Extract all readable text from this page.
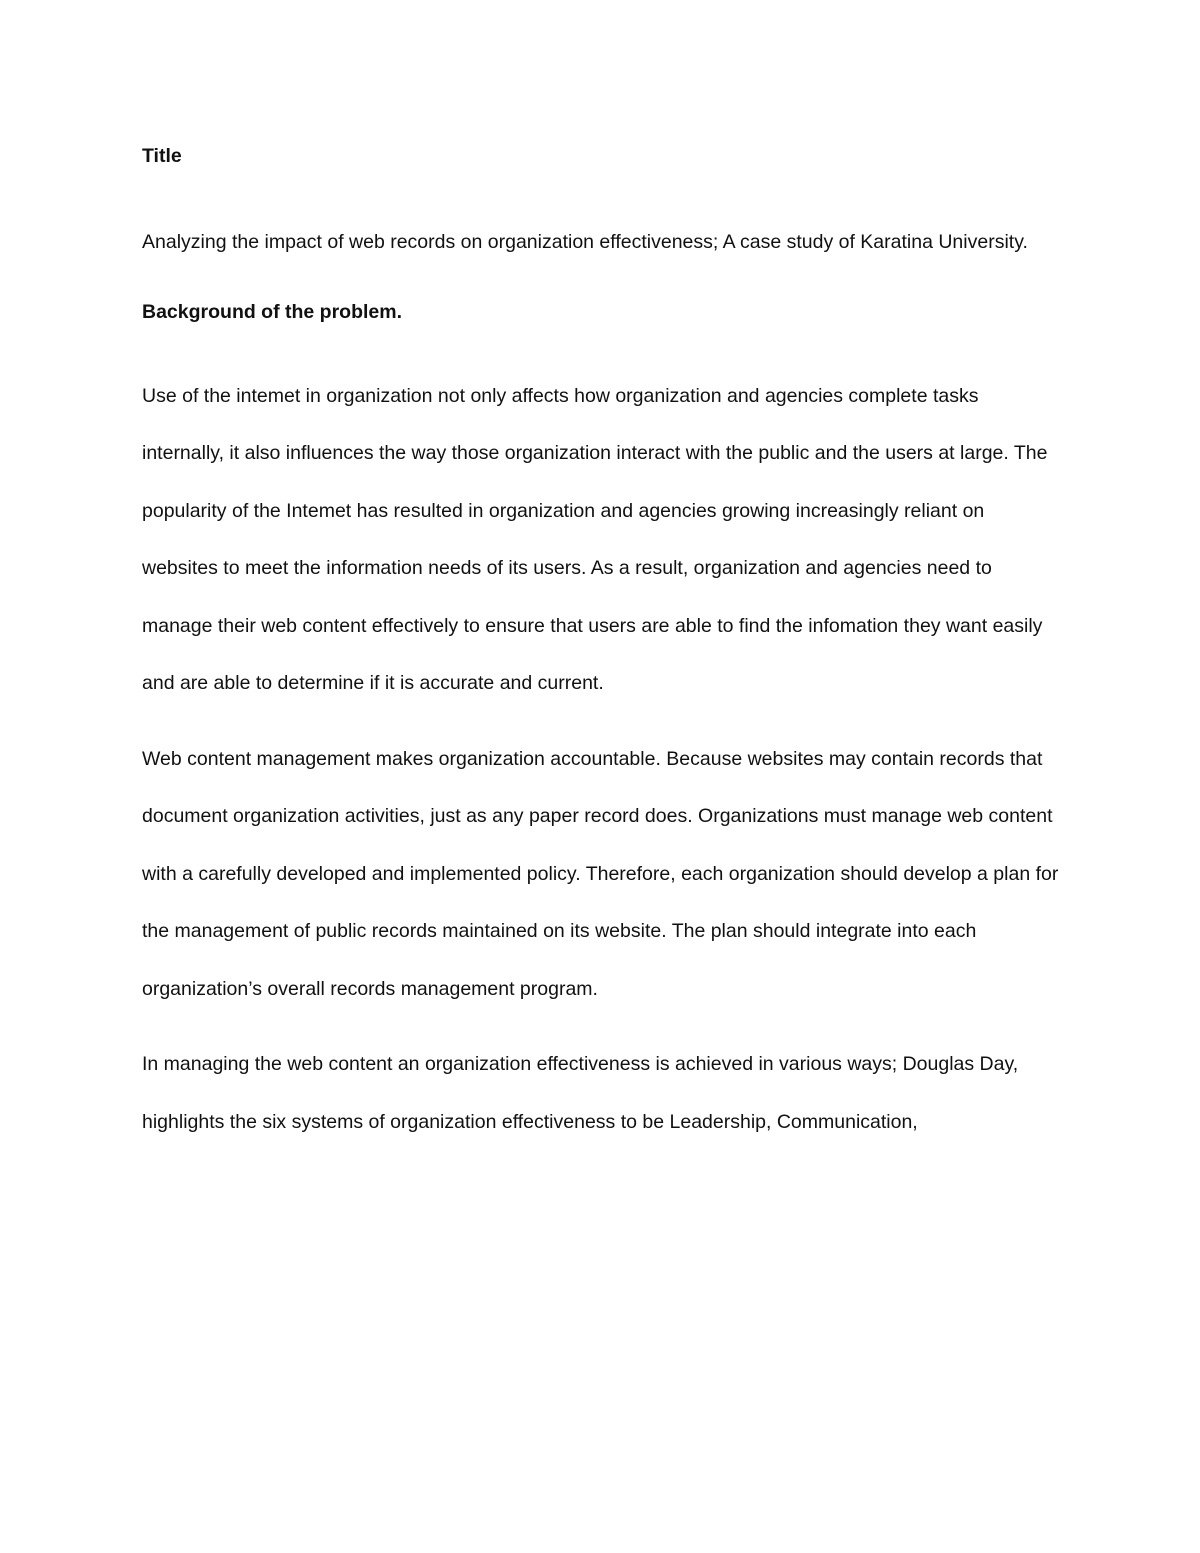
Title

Analyzing the impact of web records on organization effectiveness; A case study of Karatina University.

Background of the problem.

Use of the intemet in organization not only affects how organization and agencies complete tasks internally, it also influences the way those organization interact with the public and the users at large. The popularity of the Intemet has resulted in organization and agencies growing increasingly reliant on websites to meet the information needs of its users. As a result, organization and agencies need to manage their web content effectively to ensure that users are able to find the infomation they want easily and are able to determine if it is accurate and current.

Web content management makes organization accountable. Because websites may contain records that document organization activities, just as any paper record does. Organizations must manage web content with a carefully developed and implemented policy. Therefore, each organization should develop a plan for the management of public records maintained on its website. The plan should integrate into each organization’s overall records management program.

In managing the web content an organization effectiveness is achieved in various ways; Douglas Day, highlights the six systems of organization effectiveness to be Leadership, Communication,
